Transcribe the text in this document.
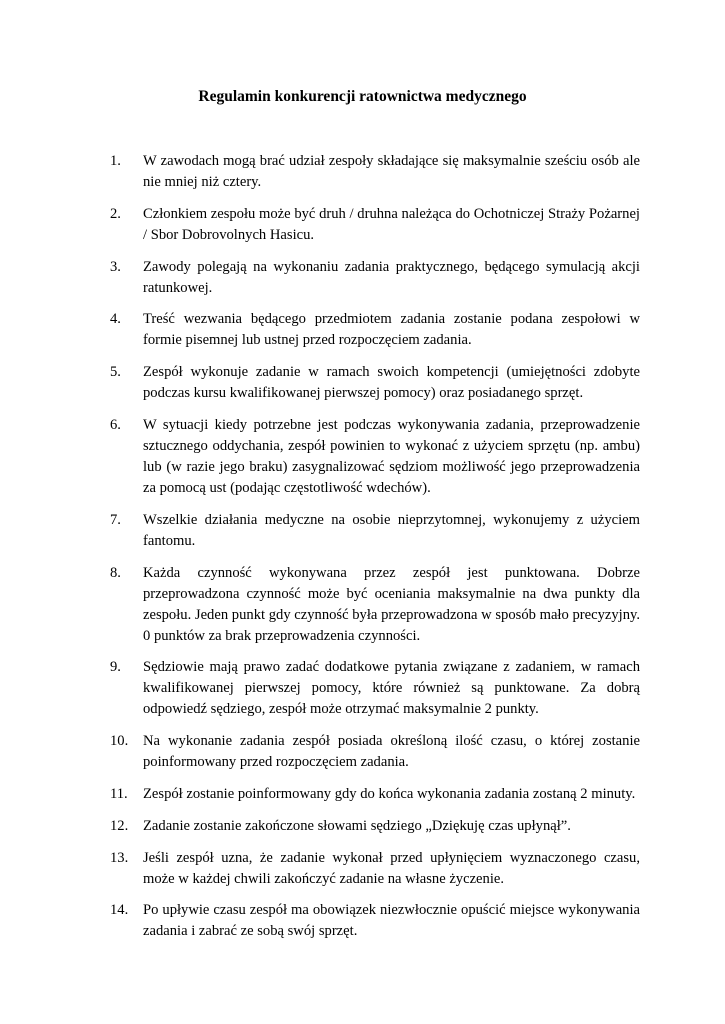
Regulamin konkurencji ratownictwa medycznego
1.	W zawodach mogą brać udział zespoły składające się maksymalnie sześciu osób ale nie mniej niż cztery.
2.	Członkiem zespołu może być druh / druhna należąca do Ochotniczej Straży Pożarnej / Sbor Dobrovolnych Hasicu.
3.	Zawody polegają na wykonaniu zadania praktycznego, będącego symulacją akcji ratunkowej.
4.	Treść wezwania będącego przedmiotem zadania zostanie podana zespołowi w formie pisemnej lub ustnej przed rozpoczęciem zadania.
5.	Zespół wykonuje zadanie w ramach swoich kompetencji (umiejętności zdobyte podczas kursu kwalifikowanej pierwszej pomocy) oraz posiadanego sprzęt.
6.	W sytuacji kiedy potrzebne jest podczas wykonywania zadania, przeprowadzenie sztucznego oddychania, zespół powinien to wykonać z użyciem sprzętu (np. ambu) lub (w razie jego braku) zasygnalizować sędziom możliwość jego przeprowadzenia za pomocą ust (podając częstotliwość wdechów).
7.	Wszelkie działania medyczne na osobie nieprzytomnej, wykonujemy z użyciem fantomu.
8.	Każda czynność wykonywana przez zespół jest punktowana. Dobrze przeprowadzona czynność może być oceniania maksymalnie na dwa punkty dla zespołu. Jeden punkt gdy czynność była przeprowadzona w sposób mało precyzyjny. 0 punktów za brak przeprowadzenia czynności.
9.	Sędziowie mają prawo zadać dodatkowe pytania związane z zadaniem, w ramach kwalifikowanej pierwszej pomocy, które również są punktowane. Za dobrą odpowiedź sędziego, zespół może otrzymać maksymalnie 2 punkty.
10.	Na wykonanie zadania zespół posiada określoną ilość czasu, o której zostanie poinformowany przed rozpoczęciem zadania.
11.	Zespół zostanie poinformowany gdy do końca wykonania zadania zostaną 2 minuty.
12.	Zadanie zostanie zakończone słowami sędziego „Dziękuję czas upłynął”.
13.	Jeśli zespół uzna, że zadanie wykonał przed upłynięciem wyznaczonego czasu, może w każdej chwili zakończyć zadanie na własne życzenie.
14.	Po upływie czasu zespół ma obowiązek niezwłocznie opuścić miejsce wykonywania zadania i zabrać ze sobą swój sprzęt.
